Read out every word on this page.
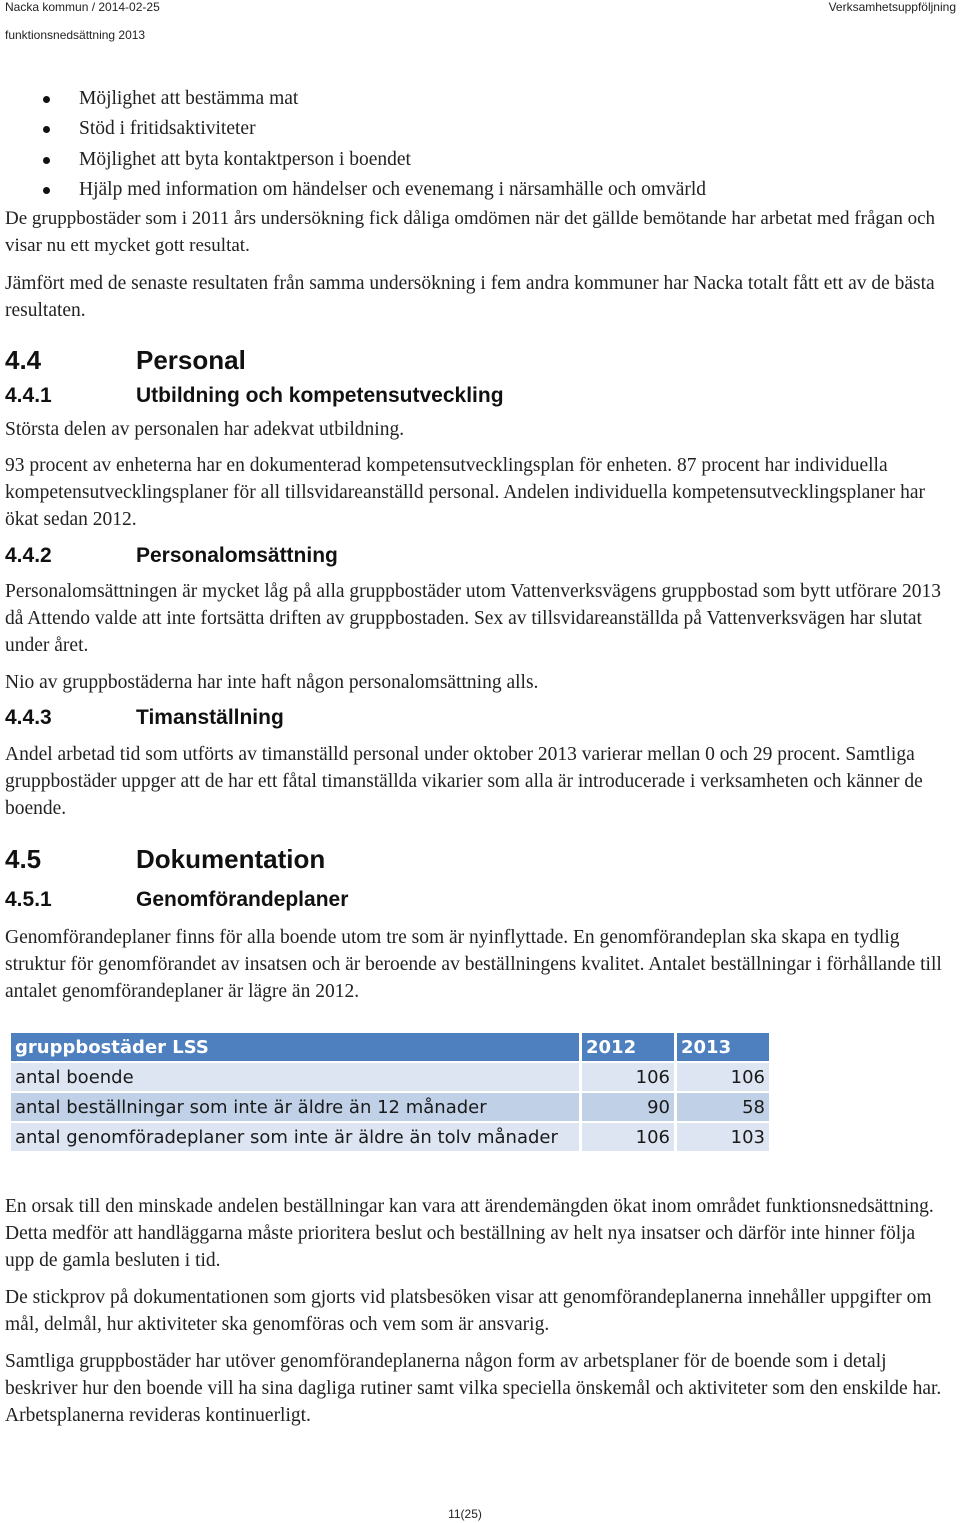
Nacka kommun / 2014-02-25	Verksamhetsuppföljning
funktionsnedsättning 2013
Möjlighet att bestämma mat
Stöd i fritidsaktiviteter
Möjlighet att byta kontaktperson i boendet
Hjälp med information om händelser och evenemang i närsamhälle och omvärld

De gruppbostäder som i 2011 års undersökning fick dåliga omdömen när det gällde bemötande har arbetat med frågan och visar nu ett mycket gott resultat.

Jämfört med de senaste resultaten från samma undersökning i fem andra kommuner har Nacka totalt fått ett av de bästa resultaten.

4.4	Personal
4.4.1	Utbildning och kompetensutveckling

Största delen av personalen har adekvat utbildning.

93 procent av enheterna har en dokumenterad kompetensutvecklingsplan för enheten. 87 procent har individuella kompetensutvecklingsplaner för all tillsvidareanställd personal. Andelen individuella kompetensutvecklingsplaner har ökat sedan 2012.

4.4.2	Personalomsättning

Personalomsättningen är mycket låg på alla gruppbostäder utom Vattenverksvägens gruppbostad som bytt utförare 2013 då Attendo valde att inte fortsätta driften av gruppbostaden. Sex av tillsvidareanställda på Vattenverksvägen har slutat under året.

Nio av gruppbostäderna har inte haft någon personalomsättning alls.

4.4.3	Timanställning

Andel arbetad tid som utförts av timanställd personal under oktober 2013 varierar mellan 0 och 29 procent. Samtliga gruppbostäder uppger att de har ett fåtal timanställda vikarier som alla är introducerade i verksamheten och känner de boende.

4.5	Dokumentation
4.5.1	Genomförandeplaner

Genomförandeplaner finns för alla boende utom tre som är nyinflyttade. En genomförandeplan ska skapa en tydlig struktur för genomförandet av insatsen och är beroende av beställningens kvalitet. Antalet beställningar i förhållande till antalet genomförandeplaner är lägre än 2012.

gruppbostäder LSS	2012	2013
antal boende	106	106
antal beställningar som inte är äldre än 12 månader	90	58
antal genomföradeplaner som inte är äldre än tolv månader	106	103

En orsak till den minskade andelen beställningar kan vara att ärendemängden ökat inom området funktionsnedsättning. Detta medför att handläggarna måste prioritera beslut och beställning av helt nya insatser och därför inte hinner följa upp de gamla besluten i tid.

De stickprov på dokumentationen som gjorts vid platsbesöken visar att genomförandeplanerna innehåller uppgifter om mål, delmål, hur aktiviteter ska genomföras och vem som är ansvarig.

Samtliga gruppbostäder har utöver genomförandeplanerna någon form av arbetsplaner för de boende som i detalj beskriver hur den boende vill ha sina dagliga rutiner samt vilka speciella önskemål och aktiviteter som den enskilde har. Arbetsplanerna revideras kontinuerligt.

11(25)
